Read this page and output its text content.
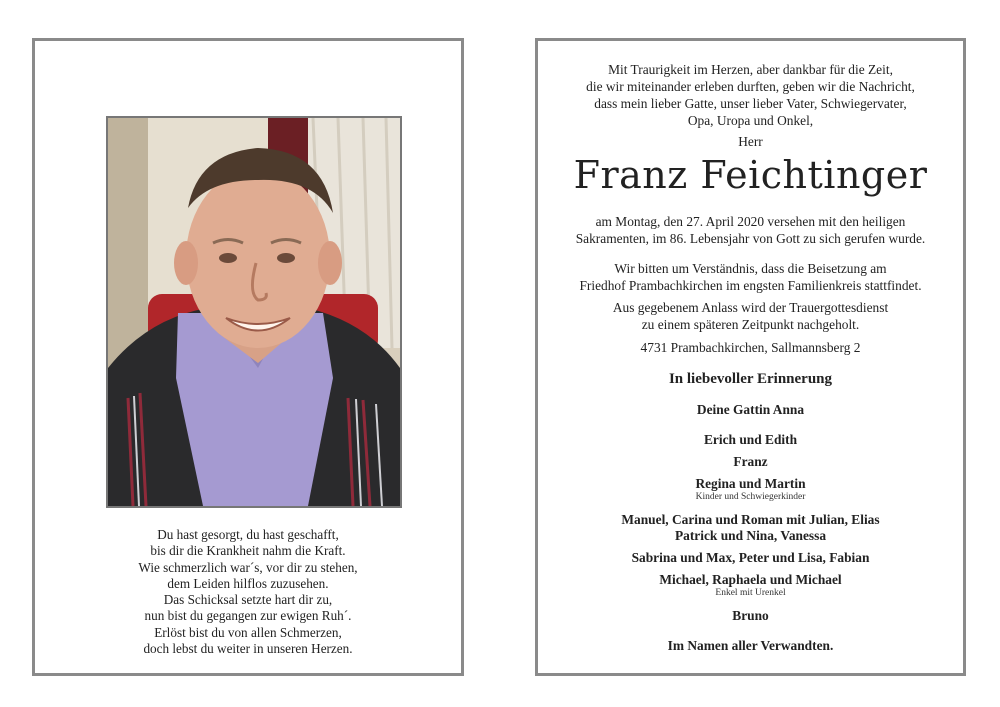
Du hast gesorgt, du hast geschafft,
bis dir die Krankheit nahm die Kraft.
Wie schmerzlich war´s, vor dir zu stehen,
dem Leiden hilflos zuzusehen.
Das Schicksal setzte hart dir zu,
nun bist du gegangen zur ewigen Ruh´.
Erlöst bist du von allen Schmerzen,
doch lebst du weiter in unseren Herzen.
Mit Traurigkeit im Herzen, aber dankbar für die Zeit,
die wir miteinander erleben durften, geben wir die Nachricht,
dass mein lieber Gatte, unser lieber Vater, Schwiegervater,
Opa, Uropa und Onkel,
Herr
Franz Feichtinger
am Montag, den 27. April 2020 versehen mit den heiligen
Sakramenten, im 86. Lebensjahr von Gott zu sich gerufen wurde.
Wir bitten um Verständnis, dass die Beisetzung am
Friedhof Prambachkirchen im engsten Familienkreis stattfindet.
Aus gegebenem Anlass wird der Trauergottesdienst
zu einem späteren Zeitpunkt nachgeholt.
4731 Prambachkirchen, Sallmannsberg 2
In liebevoller Erinnerung
Deine Gattin Anna
Erich und Edith
Franz
Regina und Martin
Kinder und Schwiegerkinder
Manuel, Carina und Roman mit Julian, Elias
Patrick und Nina, Vanessa
Sabrina und Max, Peter und Lisa, Fabian
Michael, Raphaela und Michael
Enkel mit Urenkel
Bruno
Im Namen aller Verwandten.
